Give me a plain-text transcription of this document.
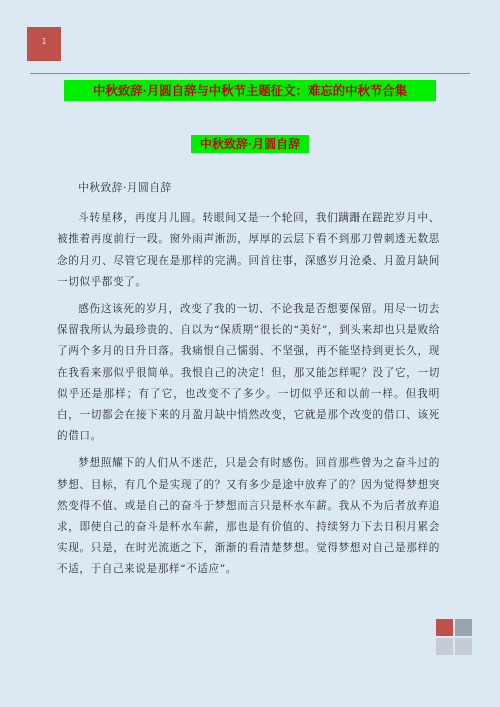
1
中秋致辞·月圆自辞与中秋节主题征文：难忘的中秋节合集
中秋致辞·月圆自辞

中秋致辞·月圆自辞

斗转星移，再度月儿圆。转眼间又是一个轮回，我们蹒跚在蹉跎岁月中、被推着再度前行一段。窗外雨声淅沥，厚厚的云层下看不到那刀曾刺透无数思念的月刃、尽管它现在是那样的完满。回首往事，深感岁月沧桑、月盈月缺间一切似乎都变了。

感伤这该死的岁月，改变了我的一切、不论我是否想要保留。用尽一切去保留我所认为最珍贵的、自以为“保质期”很长的“美好”，到头来却也只是败给了两个多月的日升日落。我痛恨自己懦弱、不坚强，再不能坚持到更长久，现在我看来那似乎很简单。我恨自己的决定！但，那又能怎样呢？没了它，一切似乎还是那样；有了它，也改变不了多少。一切似乎还和以前一样。但我明白，一切都会在接下来的月盈月缺中悄然改变，它就是那个改变的借口、该死的借口。

梦想照耀下的人们从不迷茫，只是会有时感伤。回首那些曾为之奋斗过的梦想、目标，有几个是实现了的？又有多少是途中放弃了的？因为觉得梦想突然变得不值、或是自己的奋斗于梦想而言只是杯水车薪。我从不为后者放弃追求，即使自己的奋斗是杯水车薪，那也是有价值的、持续努力下去日积月累会实现。只是，在时光流逝之下，渐渐的看清楚梦想。觉得梦想对自己是那样的不适，于自己来说是那样“不适应”。
